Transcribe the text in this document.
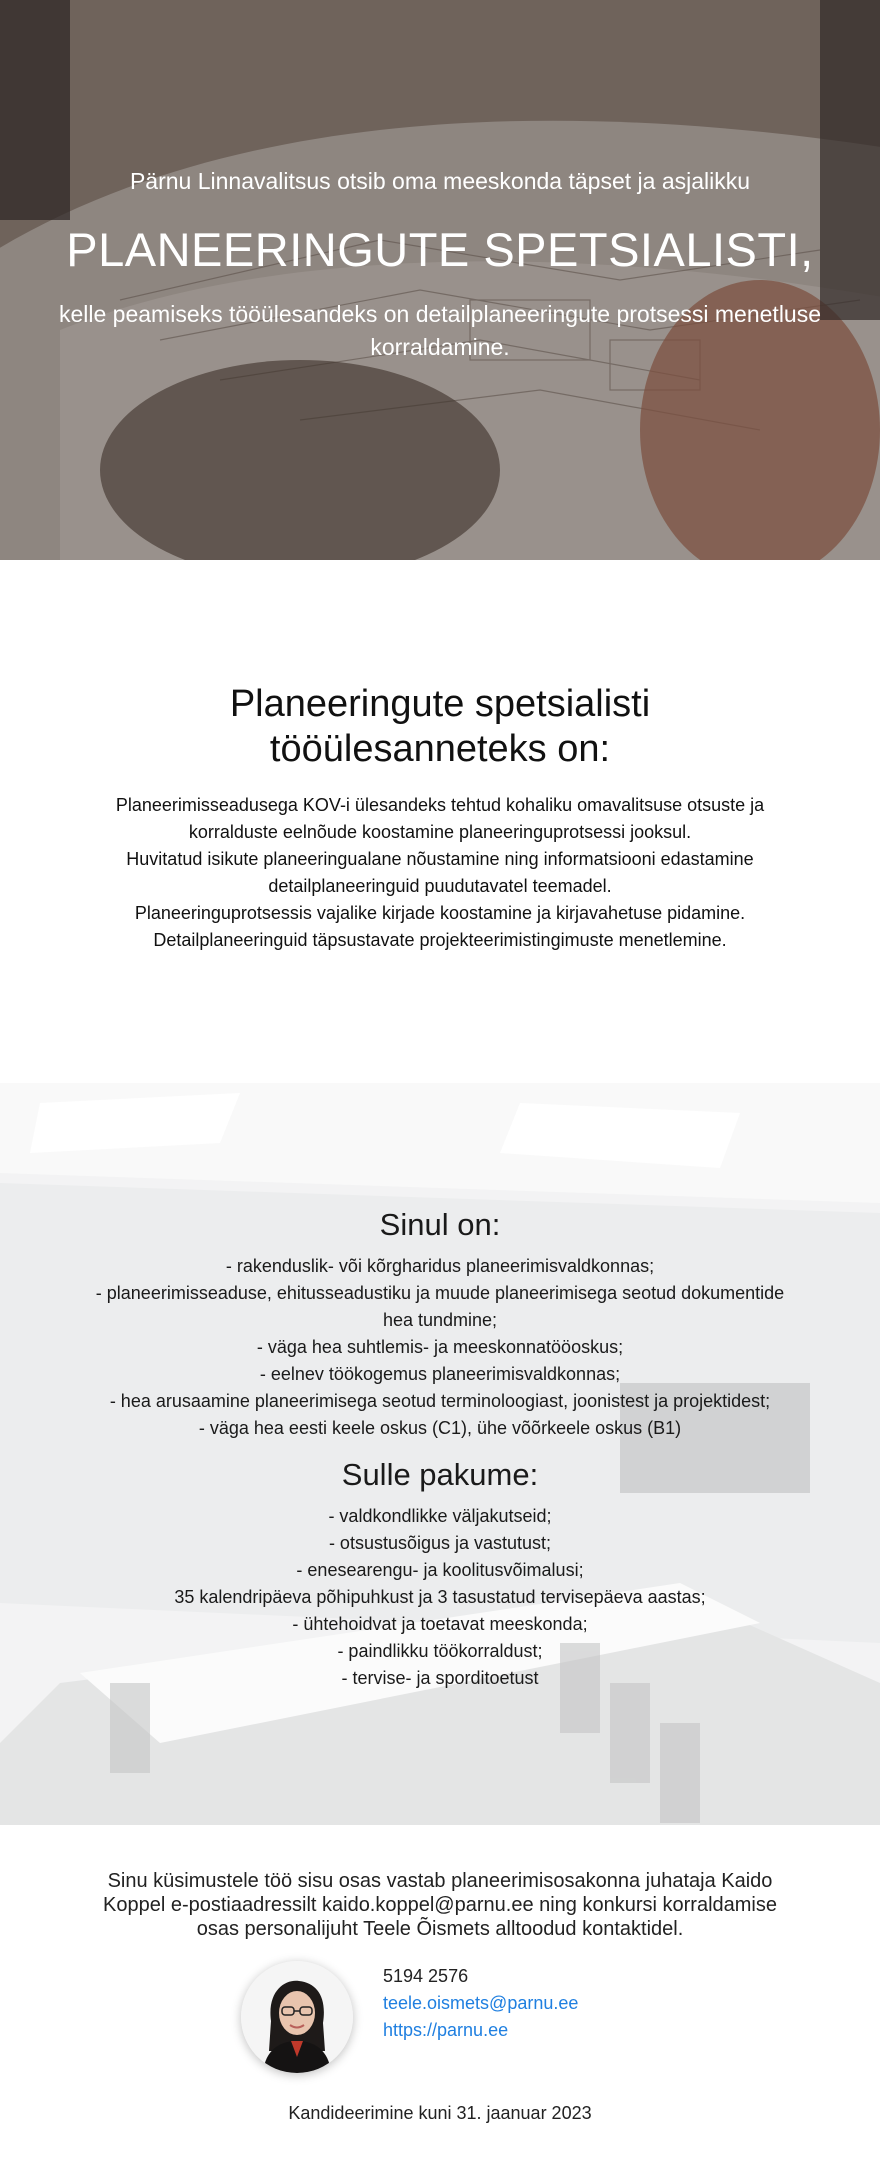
Pärnu Linnavalitsus otsib oma meeskonda täpset ja asjalikku
PLANEERINGUTE SPETSIALISTI,
kelle peamiseks tööülesandeks on detailplaneeringute protsessi menetluse korraldamine.
Planeeringute spetsialisti
tööülesanneteks on:

Planeerimisseadusega KOV-i ülesandeks tehtud kohaliku omavalitsuse otsuste ja korralduste eelnõude koostamine planeeringuprotsessi jooksul.

Huvitatud isikute planeeringualane nõustamine ning informatsiooni edastamine detailplaneeringuid puudutavatel teemadel.

Planeeringuprotsessis vajalike kirjade koostamine ja kirjavahetuse pidamine.

Detailplaneeringuid täpsustavate projekteerimistingimuste menetlemine.

Sinul on:

- rakenduslik- või kõrgharidus planeerimisvaldkonnas;

- planeerimisseaduse, ehitusseadustiku ja muude planeerimisega seotud dokumentide hea tundmine;

- väga hea suhtlemis- ja meeskonnatööoskus;

- eelnev töökogemus planeerimisvaldkonnas;

- hea arusaamine planeerimisega seotud terminoloogiast, joonistest ja projektidest;

- väga hea eesti keele oskus (C1), ühe võõrkeele oskus (B1)

Sulle pakume:

- valdkondlikke väljakutseid;

- otsustusõigus ja vastutust;

- enesearengu- ja koolitusvõimalusi;

35 kalendripäeva põhipuhkust ja 3 tasustatud tervisepäeva aastas;

- ühtehoidvat ja toetavat meeskonda;

- paindlikku töökorraldust;

- tervise- ja sporditoetust

Sinu küsimustele töö sisu osas vastab planeerimisosakonna juhataja Kaido Koppel e-postiaadressilt kaido.koppel@parnu.ee ning konkursi korraldamise osas personalijuht Teele Õismets alltoodud kontaktidel.
5194 2576
teele.oismets@parnu.ee
https://parnu.ee
Kandideerimine kuni 31. jaanuar 2023
